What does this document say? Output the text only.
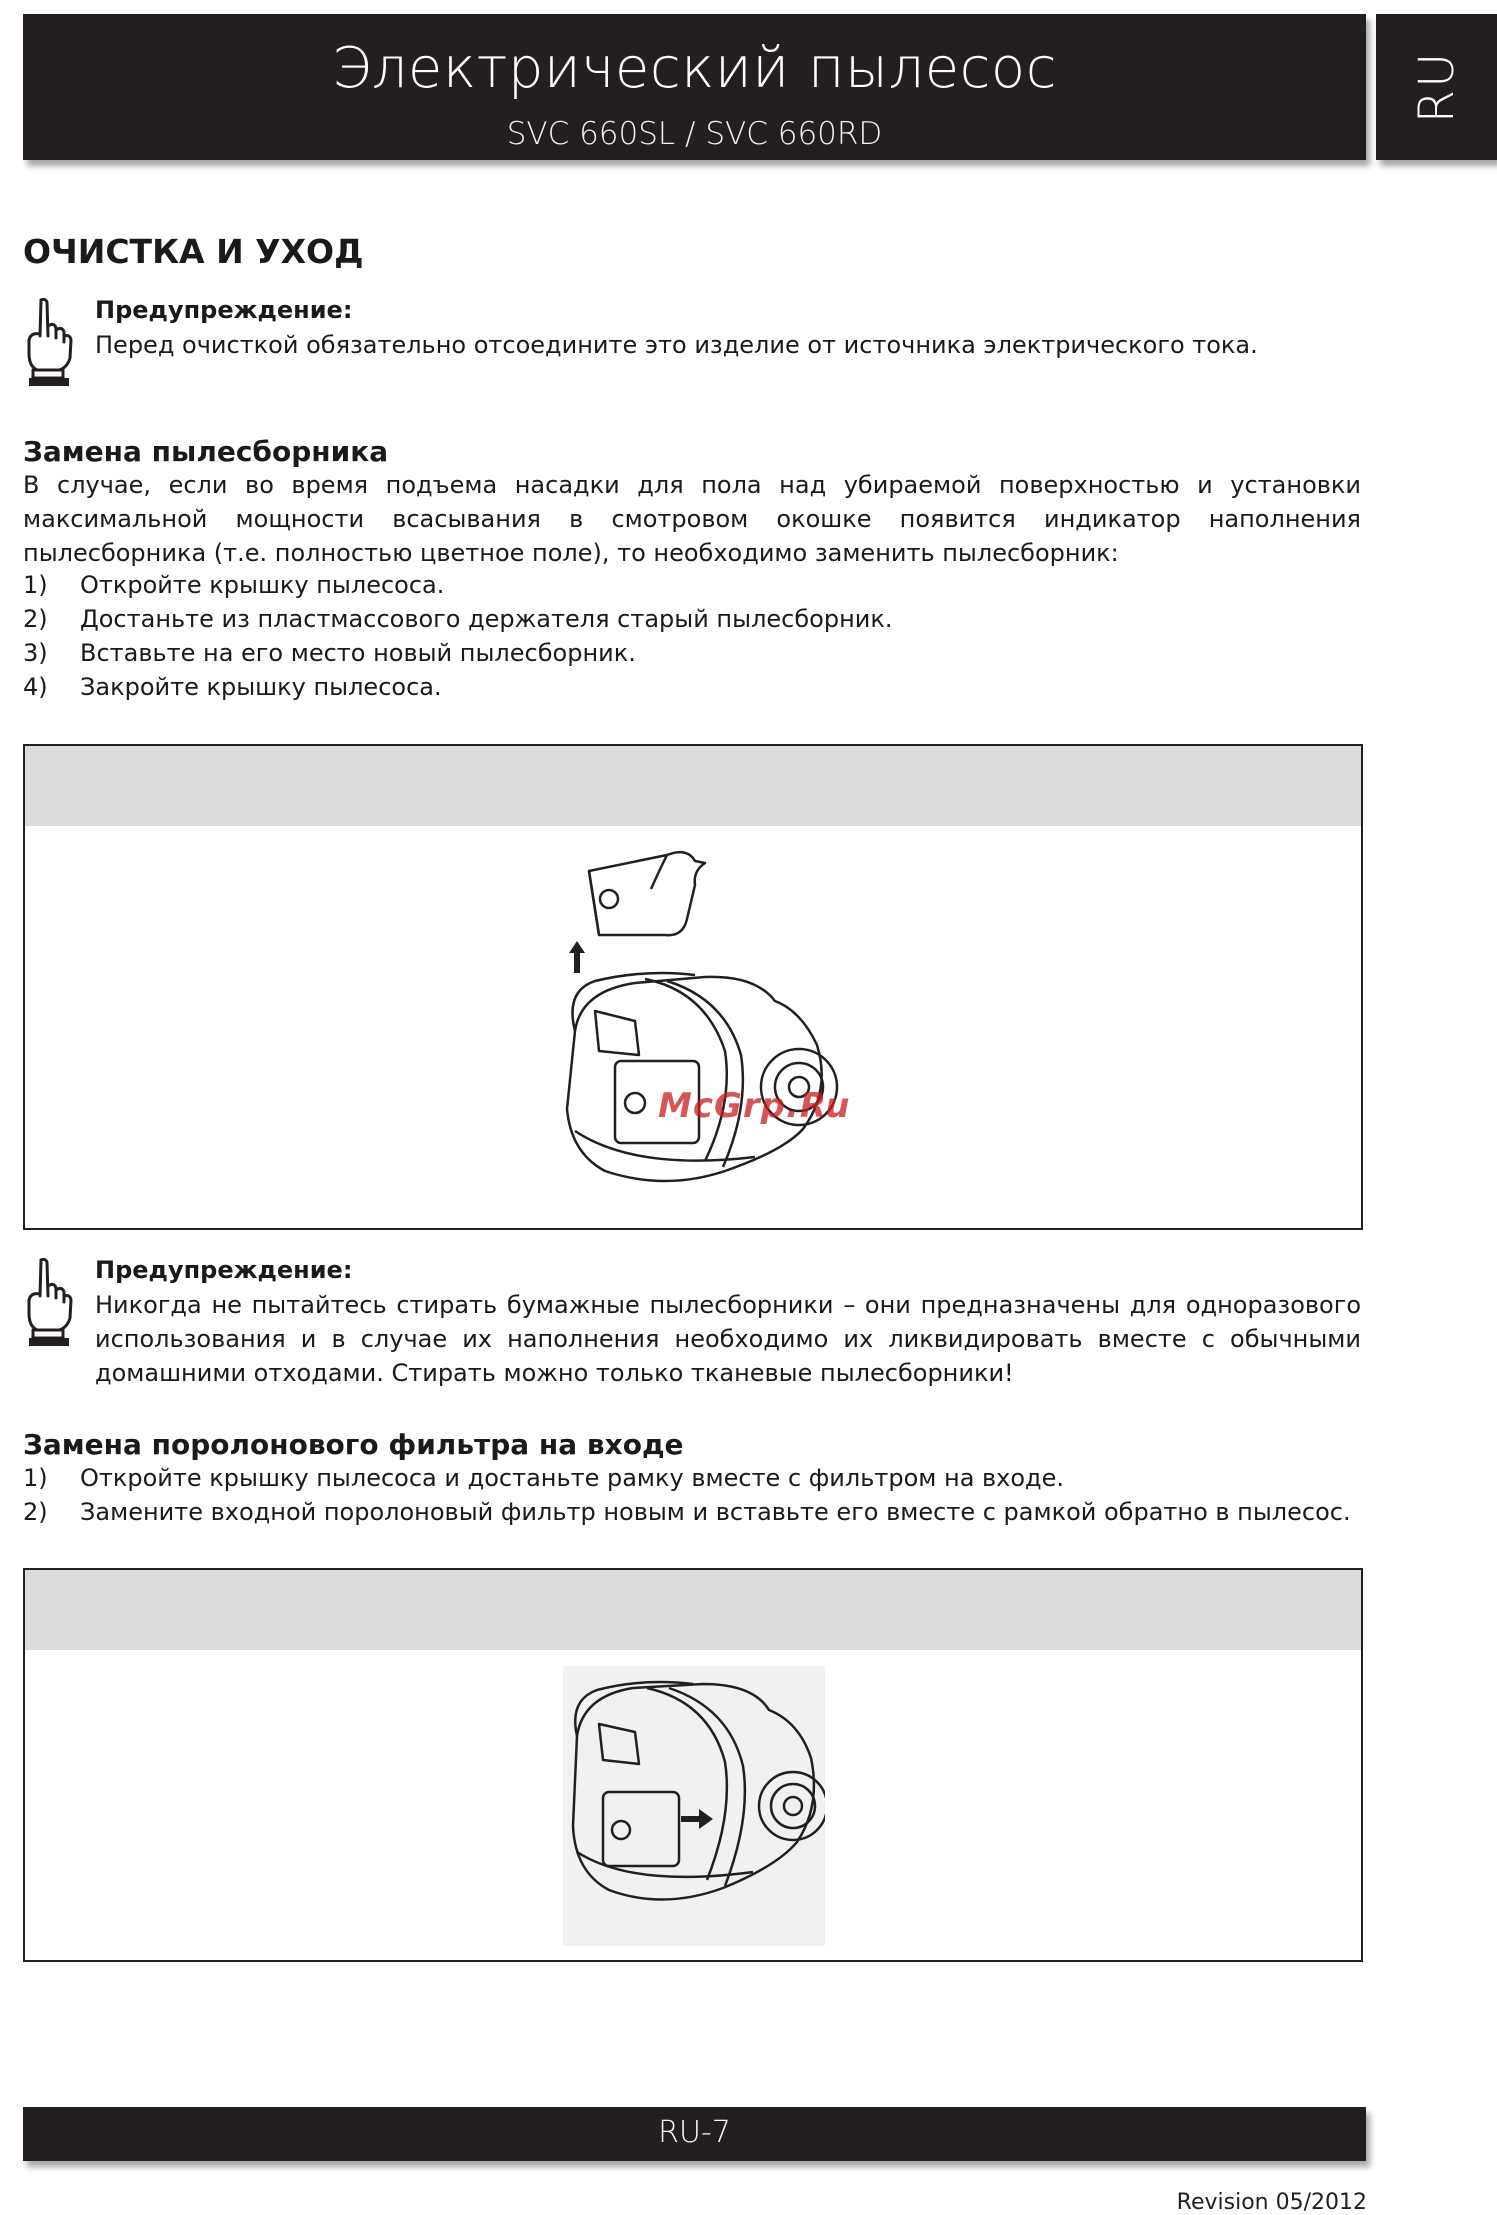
Электрический пылесос
SVC 660SL / SVC 660RD
RU
ОЧИСТКА И УХОД
Предупреждение:
Перед очисткой обязательно отсоедините это изделие от источника электрического тока.
Замена пылесборника
В случае, если во время подъема насадки для пола над убираемой поверхностью и установки максимальной мощности всасывания в смотровом окошке появится индикатор наполнения пылесборника (т.е. полностью цветное поле), то необходимо заменить пылесборник:
1) Откройте крышку пылесоса.
2) Достаньте из пластмассового держателя старый пылесборник.
3) Вставьте на его место новый пылесборник.
4) Закройте крышку пылесоса.
McGrp.Ru
Предупреждение:
Никогда не пытайтесь стирать бумажные пылесборники – они предназначены для одноразового использования и в случае их наполнения необходимо их ликвидировать вместе с обычными домашними отходами. Стирать можно только тканевые пылесборники!
Замена поролонового фильтра на входе
1) Откройте крышку пылесоса и достаньте рамку вместе с фильтром на входе.
2) Замените входной поролоновый фильтр новым и вставьте его вместе с рамкой обратно в пылесос.
RU-7
Revision 05/2012
